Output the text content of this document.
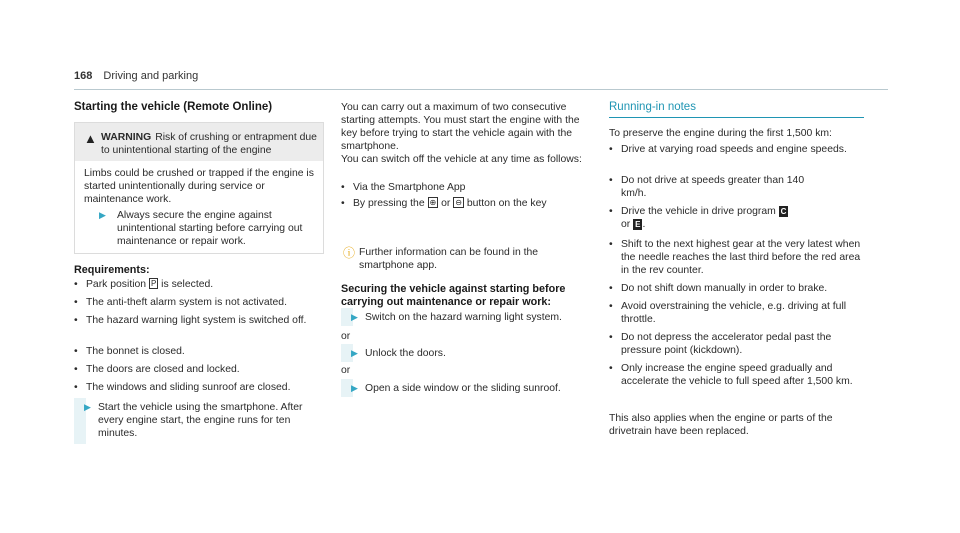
168 Driving and parking
Starting the vehicle (Remote Online)
▲ WARNING Risk of crushing or entrapment due to unintentional starting of the engine
Limbs could be crushed or trapped if the engine is started unintentionally during service or maintenance work.
▶ Always secure the engine against unintentional starting before carrying out maintenance or repair work.
Requirements:
• Park position P is selected.
• The anti-theft alarm system is not activated.
• The hazard warning light system is switched off.
• The bonnet is closed.
• The doors are closed and locked.
• The windows and sliding sunroof are closed.
▶ Start the vehicle using the smartphone. After every engine start, the engine runs for ten minutes.
You can carry out a maximum of two consecutive starting attempts. You must start the engine with the key before trying to start the vehicle again with the smartphone.
You can switch off the vehicle at any time as follows:
• Via the Smartphone App
• By pressing the ⊕ or ⊖ button on the key
ⓘ Further information can be found in the smartphone app.
Securing the vehicle against starting before carrying out maintenance or repair work:
▶ Switch on the hazard warning light system.
or
▶ Unlock the doors.
or
▶ Open a side window or the sliding sunroof.
Running-in notes
To preserve the engine during the first 1,500 km:
• Drive at varying road speeds and engine speeds.
• Do not drive at speeds greater than 140 km/h.
• Drive the vehicle in drive program C
or E .
• Shift to the next highest gear at the very latest when the needle reaches the last third before the red area in the rev counter.
• Do not shift down manually in order to brake.
• Avoid overstraining the vehicle, e.g. driving at full throttle.
• Do not depress the accelerator pedal past the pressure point (kickdown).
• Only increase the engine speed gradually and accelerate the vehicle to full speed after 1,500 km.
This also applies when the engine or parts of the drivetrain have been replaced.
